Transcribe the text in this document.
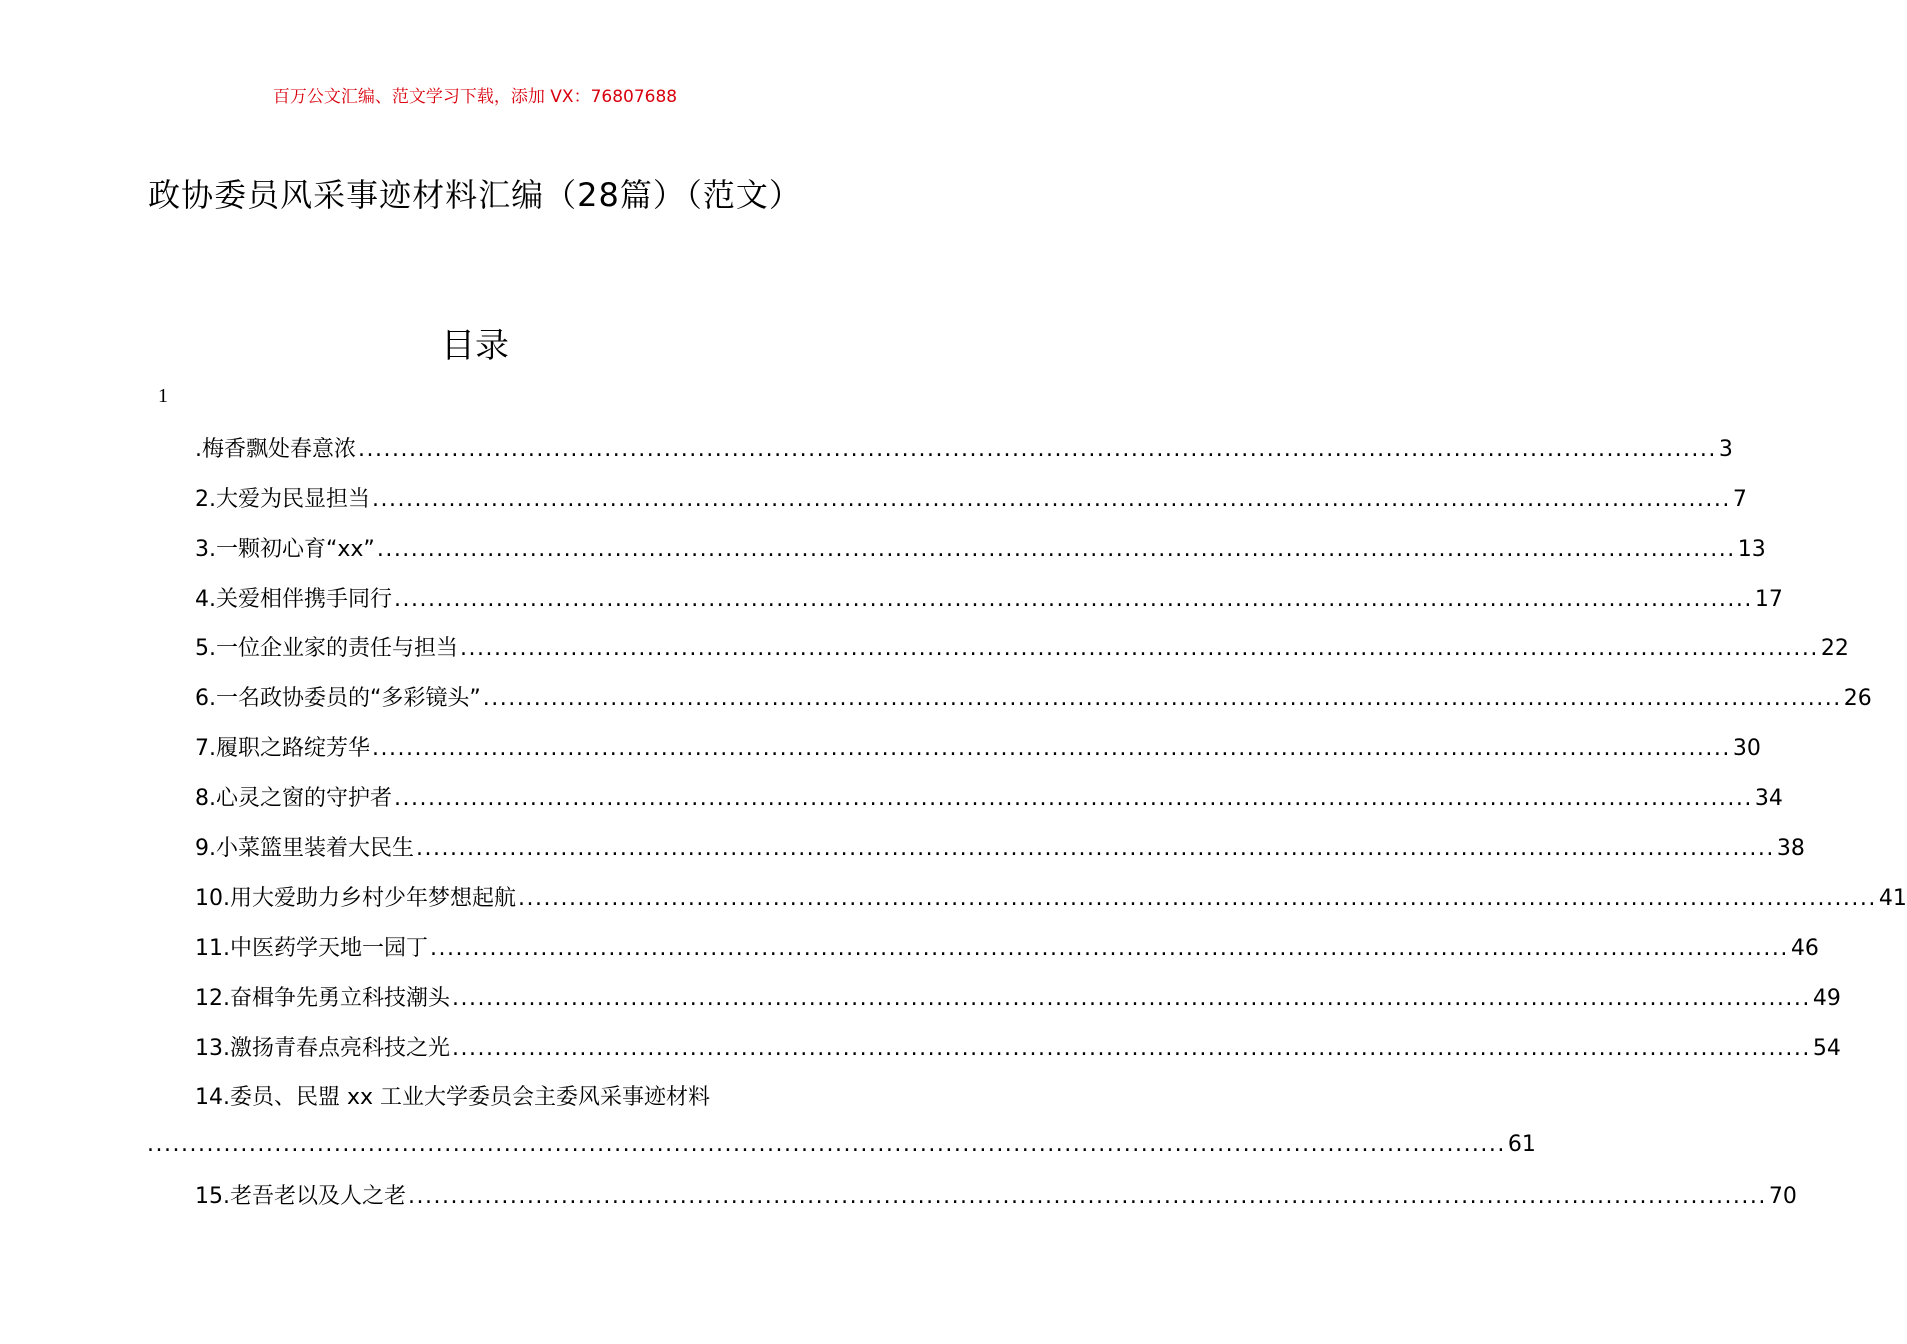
百万公文汇编、范文学习下载，添加 VX：76807688
政协委员风采事迹材料汇编（28篇）（范文）
目录
1
.梅香飘处春意浓 ................................................................................................................................................................ 3
2.大爱为民显担当 ................................................................................................................................................................ 7
3.一颗初心育“xx” ................................................................................................................................................................ 13
4.关爱相伴携手同行 ................................................................................................................................................................ 17
5.一位企业家的责任与担当 ................................................................................................................................................................ 22
6.一名政协委员的“多彩镜头” ................................................................................................................................................................ 26
7.履职之路绽芳华 ................................................................................................................................................................ 30
8.心灵之窗的守护者 ................................................................................................................................................................ 34
9.小菜篮里装着大民生 ................................................................................................................................................................ 38
10.用大爱助力乡村少年梦想起航 ................................................................................................................................................................ 41
11.中医药学天地一园丁 ................................................................................................................................................................ 46
12.奋楫争先勇立科技潮头 ................................................................................................................................................................ 49
13.激扬青春点亮科技之光 ................................................................................................................................................................ 54
14.委员、民盟 xx 工业大学委员会主委风采事迹材料
................................................................................................................................................................ 61
15.老吾老以及人之老 ................................................................................................................................................................ 70
